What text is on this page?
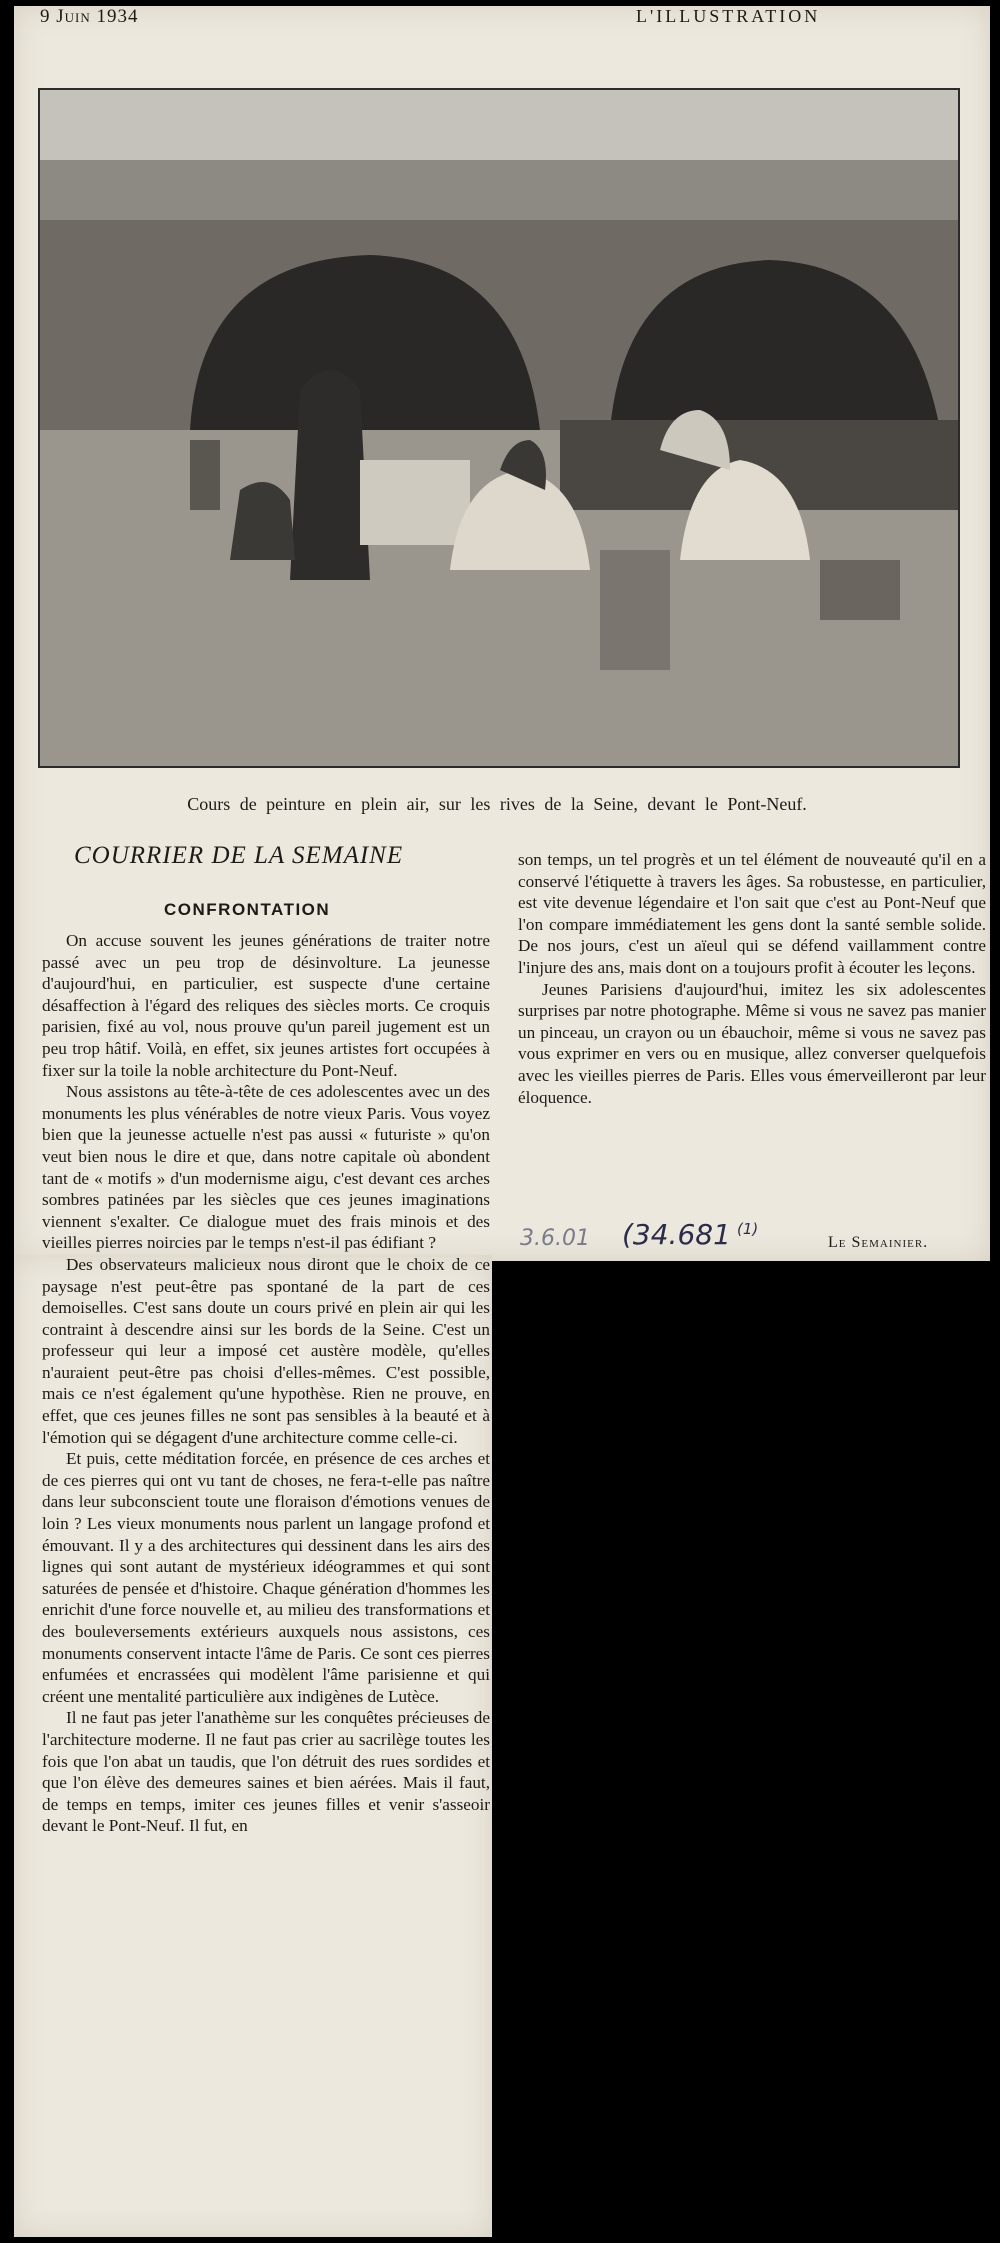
9 Juin 1934	L'ILLUSTRATION
Cours de peinture en plein air, sur les rives de la Seine, devant le Pont-Neuf.
COURRIER DE LA SEMAINE
CONFRONTATION

On accuse souvent les jeunes générations de traiter notre passé avec un peu trop de désinvolture. La jeunesse d'aujourd'hui, en particulier, est suspecte d'une certaine désaffection à l'égard des reliques des siècles morts. Ce croquis parisien, fixé au vol, nous prouve qu'un pareil jugement est un peu trop hâtif. Voilà, en effet, six jeunes artistes fort occupées à fixer sur la toile la noble architecture du Pont-Neuf.

Nous assistons au tête-à-tête de ces adolescentes avec un des monuments les plus vénérables de notre vieux Paris. Vous voyez bien que la jeunesse actuelle n'est pas aussi « futuriste » qu'on veut bien nous le dire et que, dans notre capitale où abondent tant de « motifs » d'un modernisme aigu, c'est devant ces arches sombres patinées par les siècles que ces jeunes imaginations viennent s'exalter. Ce dialogue muet des frais minois et des vieilles pierres noircies par le temps n'est-il pas édifiant ?

Des observateurs malicieux nous diront que le choix de ce paysage n'est peut-être pas spontané de la part de ces demoiselles. C'est sans doute un cours privé en plein air qui les contraint à descendre ainsi sur les bords de la Seine. C'est un professeur qui leur a imposé cet austère modèle, qu'elles n'auraient peut-être pas choisi d'elles-mêmes. C'est possible, mais ce n'est également qu'une hypothèse. Rien ne prouve, en effet, que ces jeunes filles ne sont pas sensibles à la beauté et à l'émotion qui se dégagent d'une architecture comme celle-ci.

Et puis, cette méditation forcée, en présence de ces arches et de ces pierres qui ont vu tant de choses, ne fera-t-elle pas naître dans leur subconscient toute une floraison d'émotions venues de loin ? Les vieux monuments nous parlent un langage profond et émouvant. Il y a des architectures qui dessinent dans les airs des lignes qui sont autant de mystérieux idéogrammes et qui sont saturées de pensée et d'histoire. Chaque génération d'hommes les enrichit d'une force nouvelle et, au milieu des transformations et des bouleversements extérieurs auxquels nous assistons, ces monuments conservent intacte l'âme de Paris. Ce sont ces pierres enfumées et encrassées qui modèlent l'âme parisienne et qui créent une mentalité particulière aux indigènes de Lutèce.

Il ne faut pas jeter l'anathème sur les conquêtes précieuses de l'architecture moderne. Il ne faut pas crier au sacrilège toutes les fois que l'on abat un taudis, que l'on détruit des rues sordides et que l'on élève des demeures saines et bien aérées. Mais il faut, de temps en temps, imiter ces jeunes filles et venir s'asseoir devant le Pont-Neuf. Il fut, en

son temps, un tel progrès et un tel élément de nouveauté qu'il en a conservé l'étiquette à travers les âges. Sa robustesse, en particulier, est vite devenue légendaire et l'on sait que c'est au Pont-Neuf que l'on compare immédiatement les gens dont la santé semble solide. De nos jours, c'est un aïeul qui se défend vaillamment contre l'injure des ans, mais dont on a toujours profit à écouter les leçons.

Jeunes Parisiens d'aujourd'hui, imitez les six adolescentes surprises par notre photographe. Même si vous ne savez pas manier un pinceau, un crayon ou un ébauchoir, même si vous ne savez pas vous exprimer en vers ou en musique, allez converser quelquefois avec les vieilles pierres de Paris. Elles vous émerveilleront par leur éloquence.

3.6.01 (34.681 (1)
Le Semainier.
